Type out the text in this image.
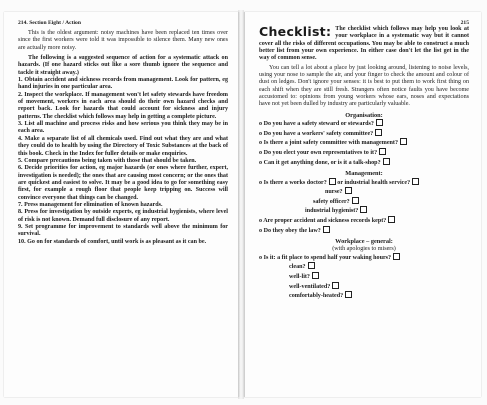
214. Section Eight / Action

This is the oldest argument: noisy machines have been replaced ten times over since the first workers were told it was impossible to silence them. Many new ones are actually more noisy.

The following is a suggested sequence of action for a systematic attack on hazards. (If one hazard sticks out like a sore thumb ignore the sequence and tackle it straight away.)

1. Obtain accident and sickness records from management. Look for pattern, eg hand injuries in one particular area.
2. Inspect the workplace. If management won't let safety stewards have freedom of movement, workers in each area should do their own hazard checks and report back. Look for hazards that could account for sickness and injury patterns. The checklist which follows may help in getting a complete picture.
3. List all machine and process risks and how serious you think they may be in each area.
4. Make a separate list of all chemicals used. Find out what they are and what they could do to health by using the Directory of Toxic Substances at the back of this book. Check in the Index for fuller details or make enquiries.
5. Compare precautions being taken with those that should be taken.
6. Decide priorities for action, eg major hazards (or ones where further, expert, investigation is needed); the ones that are causing most concern; or the ones that are quickest and easiest to solve. It may be a good idea to go for something easy first, for example a rough floor that people keep tripping on. Success will convince everyone that things can be changed.
7. Press management for elimination of known hazards.
8. Press for investigation by outside experts, eg industrial hygienists, where level of risk is not known. Demand full disclosure of any report.
9. Set programme for improvement to standards well above the minimum for survival.
10. Go on for standards of comfort, until work is as pleasant as it can be.
215

Checklist: The checklist which follows may help you look at your workplace in a systematic way but it cannot cover all the risks of different occupations. You may be able to construct a much better list from your own experience. In either case don't let the list get in the way of common sense.

You can tell a lot about a place by just looking around, listening to noise levels, using your nose to sample the air, and your finger to check the amount and colour of dust on ledges. Don't ignore your senses: it is best to put them to work first thing on each shift when they are still fresh. Strangers often notice faults you have become accustomed to: opinions from young workers whose ears, noses and expectations have not yet been dulled by industry are particularly valuable.

Organisation:
o Do you have a safety steward or stewards?
o Do you have a workers' safety committee?
o Is there a joint safety committee with management?
o Do you elect your own representatives to it?
o Can it get anything done, or is it a talk-shop?
Management:
o Is there a works doctor? or industrial health service?
nurse?
safety officer?
industrial hygienist?
o Are proper accident and sickness records kept?
o Do they obey the law?
Workplace – general:
(with apologies to misers)
o Is it: a fit place to spend half your waking hours?
clean?
well-lit?
well-ventilated?
comfortably-heated?
